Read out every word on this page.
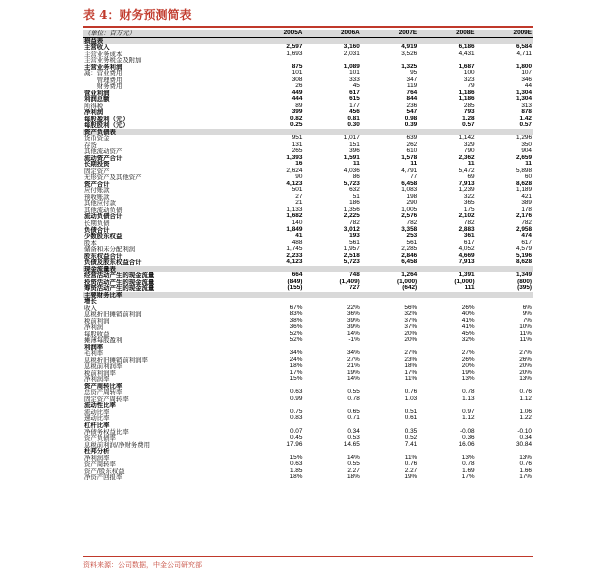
表 4：财务预测简表
（单位：百万元）	2005A	2006A	2007E	2008E	2009E
损益表					
主营收入	2,597	3,160	4,919	6,186	6,584
主营业务成本	1,693	2,031	3,526	4,431	4,711
主营业务税金及附加					
主营业务利润	875	1,089	1,325	1,687	1,800
减：营业费用	101	101	95	100	107
　　管理费用	308	333	347	323	346
　　财务费用	26	45	119	79	44
营业利润	449	617	764	1,186	1,304
利润总额	444	615	844	1,186	1,304
所得税	89	177	236	285	313
净利润	399	456	547	793	878
每股盈利（元）	0.82	0.81	0.98	1.28	1.42
每股股利（元）	0.25	0.30	0.39	0.57	0.57
资产负债表					
货币资金	951	1,017	639	1,142	1,296
存货	131	151	262	329	350
其他流动资产	265	396	610	790	904
流动资产合计	1,393	1,591	1,578	2,362	2,659
长期投资	16	11	11	11	11
固定资产	2,624	4,036	4,791	5,472	5,898
无形资产及其他资产	90	86	77	69	60
资产合计	4,123	5,723	6,458	7,913	8,628
应付账款	501	632	1,083	1,239	1,189
预收账款	27	51	198	322	421
其他应付款	21	186	290	365	389
其他流动负债	1,133	1,356	1,005	175	178
流动负债合计	1,682	2,225	2,576	2,102	2,176
长期负债	140	782	782	782	782
负债合计	1,849	3,012	3,358	2,883	2,958
少数股东权益	41	193	253	361	474
股本	488	561	561	617	617
储备和未分配利润	1,745	1,957	2,285	4,052	4,579
股东权益合计	2,233	2,518	2,846	4,669	5,196
负债及股东权益合计	4,123	5,723	6,458	7,913	8,628
现金流量表					
经营活动产生的现金流量	664	748	1,264	1,391	1,349
投资活动产生的现金流量	(849)	(1,409)	(1,000)	(1,000)	(800)
筹资活动产生的现金流量	(155)	727	(642)	111	(395)
主要财务比率					
增长					
收入	67%	22%	56%	26%	6%
息税折旧摊销前利润	83%	36%	32%	40%	9%
税前利润	38%	39%	37%	41%	7%
净利润	36%	39%	37%	41%	10%
每股收益	52%	14%	20%	45%	11%
摊薄每股盈利	52%	-1%	20%	32%	11%
利润率					
毛利率	34%	34%	27%	27%	27%
息税折旧摊销前利润率	24%	27%	23%	26%	26%
息税前利润率	18%	21%	18%	20%	20%
税前利润率	17%	19%	17%	19%	20%
净利润率	15%	14%	11%	13%	13%
资产周转比率					
总资产周转率	0.63	0.55	0.76	0.78	0.76
固定资产周转率	0.99	0.78	1.03	1.13	1.12
流动性比率					
流动比率	0.75	0.65	0.51	0.97	1.06
速动比率	0.83	0.71	0.61	1.12	1.22
杠杆比率					
净债务权益比率	0.07	0.34	0.35	-0.08	-0.10
资产负债率	0.45	0.53	0.52	0.36	0.34
息税前利润/净财务费用	17.96	14.65	7.41	16.06	30.84
杜邦分析					
净利润率	15%	14%	11%	13%	13%
资产周转率	0.63	0.55	0.76	0.78	0.76
资产/股东权益	1.85	2.27	2.27	1.69	1.66
净资产回报率	18%	18%	19%	17%	17%
资料来源：公司数据，中金公司研究部
